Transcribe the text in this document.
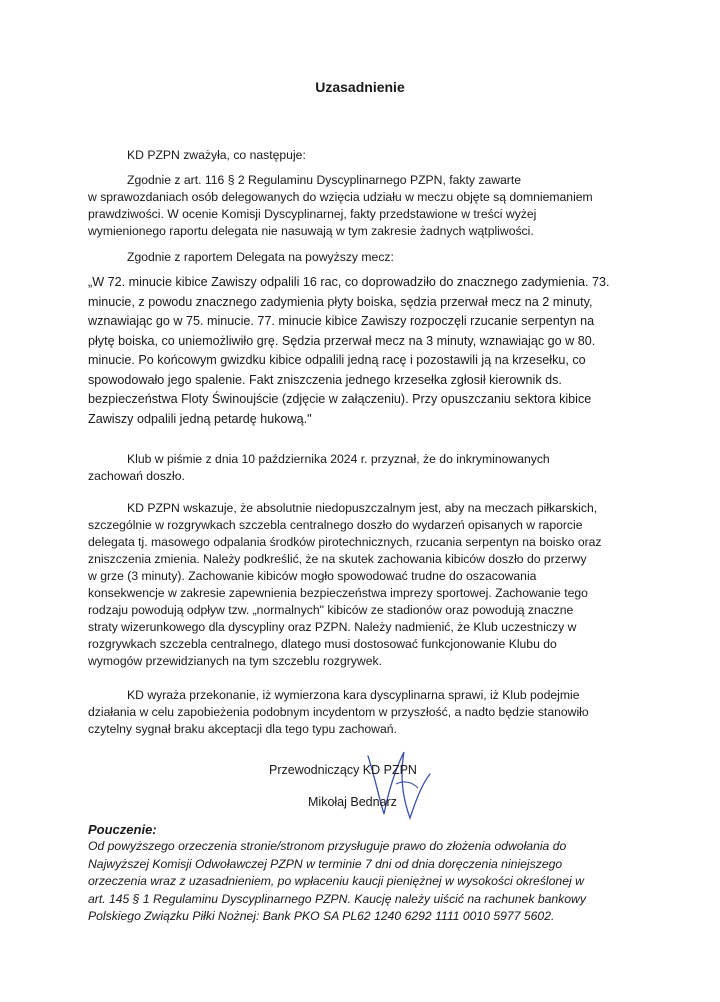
Uzasadnienie
KD PZPN zważyła, co następuje:
Zgodnie z art. 116 § 2 Regulaminu Dyscyplinarnego PZPN, fakty zawarte
w sprawozdaniach osób delegowanych do wzięcia udziału w meczu objęte są domniemaniem
prawdziwości. W ocenie Komisji Dyscyplinarnej, fakty przedstawione w treści wyżej
wymienionego raportu delegata nie nasuwają w tym zakresie żadnych wątpliwości.
Zgodnie z raportem Delegata na powyższy mecz:
„W 72. minucie kibice Zawiszy odpalili 16 rac, co doprowadziło do znacznego zadymienia. 73.
minucie, z powodu znacznego zadymienia płyty boiska, sędzia przerwał mecz na 2 minuty,
wznawiając go w 75. minucie. 77. minucie kibice Zawiszy rozpoczęli rzucanie serpentyn na
płytę boiska, co uniemożliwiło grę. Sędzia przerwał mecz na 3 minuty, wznawiając go w 80.
minucie. Po końcowym gwizdku kibice odpalili jedną racę i pozostawili ją na krzesełku, co
spowodowało jego spalenie. Fakt zniszczenia jednego krzesełka zgłosił kierownik ds.
bezpieczeństwa Floty Świnoujście (zdjęcie w załączeniu). Przy opuszczaniu sektora kibice
Zawiszy odpalili jedną petardę hukową."
Klub w piśmie z dnia 10 października 2024 r. przyznał, że do inkryminowanych
zachowań doszło.
KD PZPN wskazuje, że absolutnie niedopuszczalnym jest, aby na meczach piłkarskich,
szczególnie w rozgrywkach szczebla centralnego doszło do wydarzeń opisanych w raporcie
delegata tj. masowego odpalania środków pirotechnicznych, rzucania serpentyn na boisko oraz
zniszczenia zmienia. Należy podkreślić, że na skutek zachowania kibiców doszło do przerwy
w grze (3 minuty). Zachowanie kibiców mogło spowodować trudne do oszacowania
konsekwencje w zakresie zapewnienia bezpieczeństwa imprezy sportowej. Zachowanie tego
rodzaju powodują odpływ tzw. „normalnych" kibiców ze stadionów oraz powodują znaczne
straty wizerunkowego dla dyscypliny oraz PZPN. Należy nadmienić, że Klub uczestniczy w
rozgrywkach szczebla centralnego, dlatego musi dostosować funkcjonowanie Klubu do
wymogów przewidzianych na tym szczeblu rozgrywek.
KD wyraża przekonanie, iż wymierzona kara dyscyplinarna sprawi, iż Klub podejmie
działania w celu zapobieżenia podobnym incydentom w przyszłość, a nadto będzie stanowiło
czytelny sygnał braku akceptacji dla tego typu zachowań.
Przewodniczący KD PZPN
Mikołaj Bednarz
Pouczenie:
Od powyższego orzeczenia stronie/stronom przysługuje prawo do złożenia odwołania do
Najwyższej Komisji Odwoławczej PZPN w terminie 7 dni od dnia doręczenia niniejszego
orzeczenia wraz z uzasadnieniem, po wpłaceniu kaucji pieniężnej w wysokości określonej w
art. 145 § 1 Regulaminu Dyscyplinarnego PZPN. Kaucję należy uiścić na rachunek bankowy
Polskiego Związku Piłki Nożnej: Bank PKO SA PL62 1240 6292 1111 0010 5977 5602.
